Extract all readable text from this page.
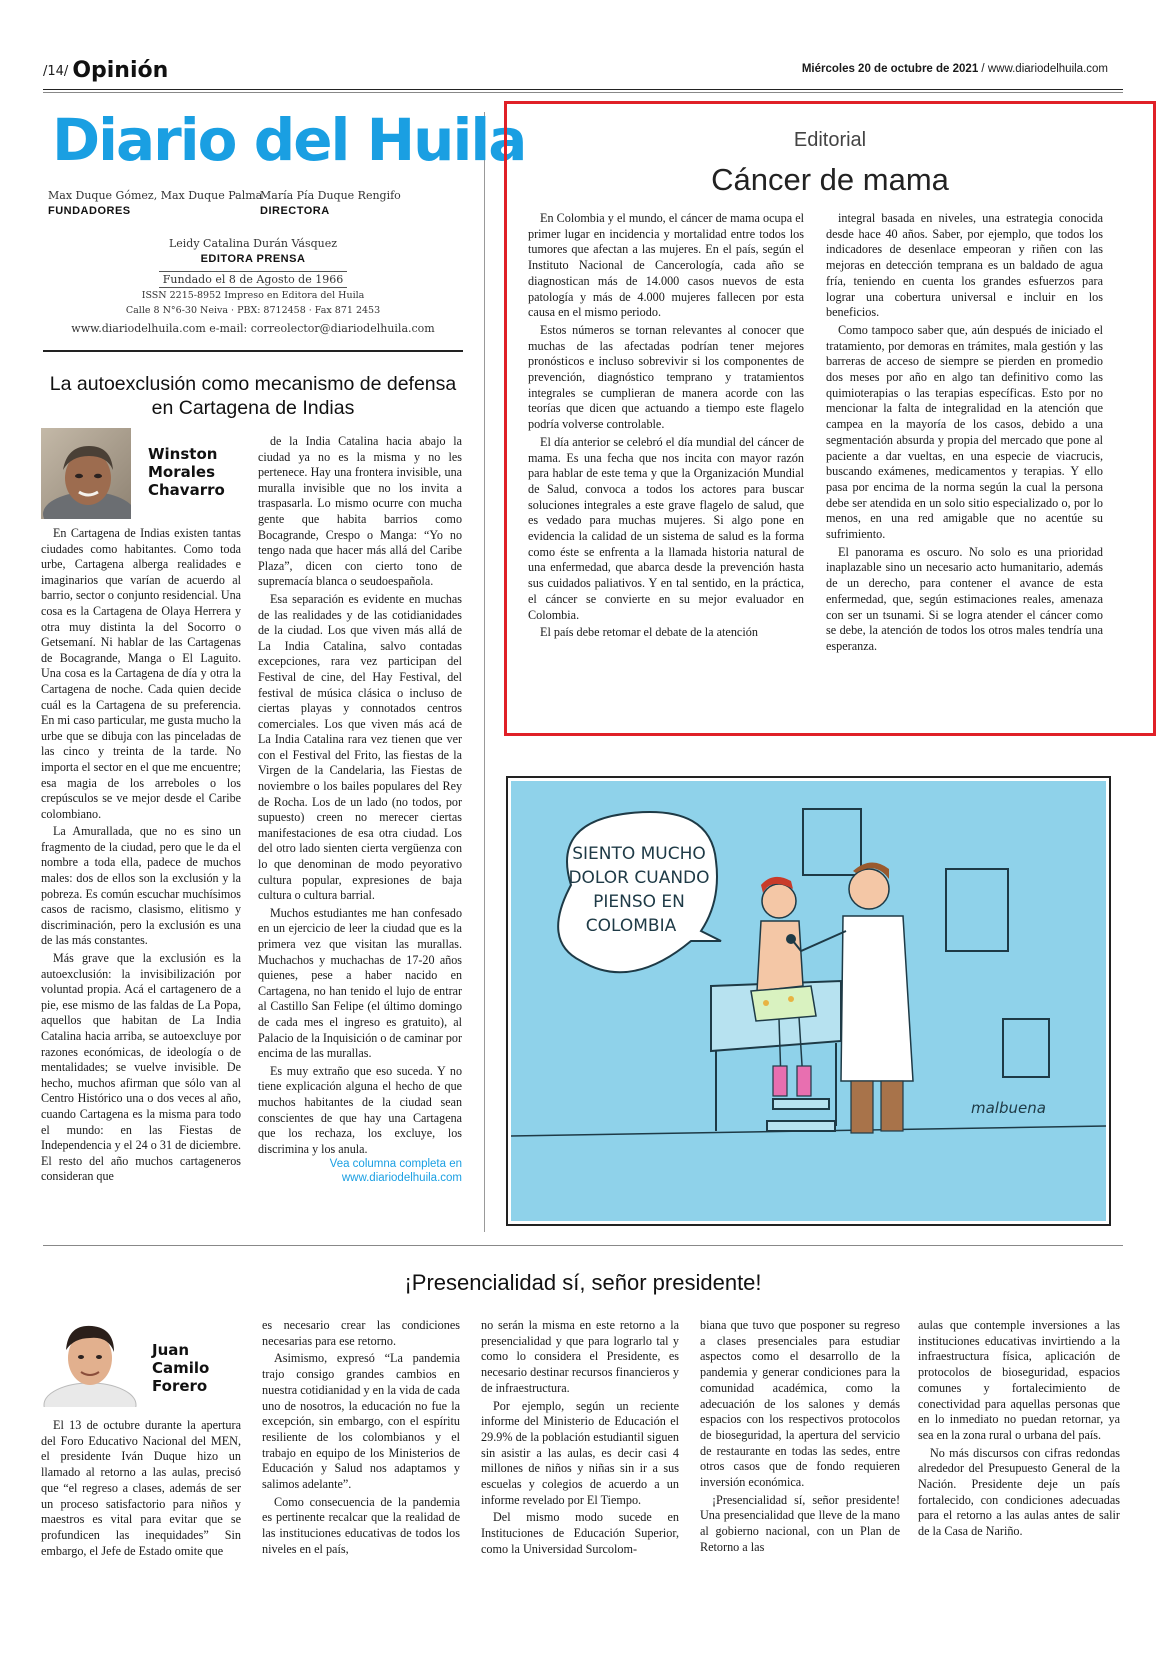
/14/ Opinión	Miércoles 20 de octubre de 2021 / www.diariodelhuila.com
Diario del Huila
Max Duque Gómez, Max Duque Palma
FUNDADORES
María Pía Duque Rengifo
DIRECTORA
Leidy Catalina Durán Vásquez
EDITORA PRENSA
Fundado el 8 de Agosto de 1966
ISSN 2215-8952 Impreso en Editora del Huila
Calle 8 N°6-30 Neiva · PBX: 8712458 · Fax 871 2453
www.diariodelhuila.com e-mail: correolector@diariodelhuila.com
La autoexclusión como mecanismo de defensa en Cartagena de Indias
Winston
Morales
Chavarro

En Cartagena de Indias existen tantas ciudades como habitantes. Como toda urbe, Cartagena alberga realidades e imaginarios que varían de acuerdo al barrio, sector o conjunto residencial. Una cosa es la Cartagena de Olaya Herrera y otra muy distinta la del Socorro o Getsemaní. Ni hablar de las Cartagenas de Bocagrande, Manga o El Laguito. Una cosa es la Cartagena de día y otra la Cartagena de noche. Cada quien decide cuál es la Cartagena de su preferencia. En mi caso particular, me gusta mucho la urbe que se dibuja con las pinceladas de las cinco y treinta de la tarde. No importa el sector en el que me encuentre; esa magia de los arreboles o los crepúsculos se ve mejor desde el Caribe colombiano.

La Amurallada, que no es sino un fragmento de la ciudad, pero que le da el nombre a toda ella, padece de muchos males: dos de ellos son la exclusión y la pobreza. Es común escuchar muchísimos casos de racismo, clasismo, elitismo y discriminación, pero la exclusión es una de las más constantes.

Más grave que la exclusión es la autoexclusión: la invisibilización por voluntad propia. Acá el cartagenero de a pie, ese mismo de las faldas de La Popa, aquellos que habitan de La India Catalina hacia arriba, se autoexcluye por razones económicas, de ideología o de mentalidades; se vuelve invisible. De hecho, muchos afirman que sólo van al Centro Histórico una o dos veces al año, cuando Cartagena es la misma para todo el mundo: en las Fiestas de Independencia y el 24 o 31 de diciembre. El resto del año muchos cartageneros consideran que

de la India Catalina hacia abajo la ciudad ya no es la misma y no les pertenece. Hay una frontera invisible, una muralla invisible que no los invita a traspasarla. Lo mismo ocurre con mucha gente que habita barrios como Bocagrande, Crespo o Manga: “Yo no tengo nada que hacer más allá del Caribe Plaza”, dicen con cierto tono de supremacía blanca o seudoespañola.

Esa separación es evidente en muchas de las realidades y de las cotidianidades de la ciudad. Los que viven más allá de La India Catalina, salvo contadas excepciones, rara vez participan del Festival de cine, del Hay Festival, del festival de música clásica o incluso de ciertas playas y connotados centros comerciales. Los que viven más acá de La India Catalina rara vez tienen que ver con el Festival del Frito, las fiestas de la Virgen de la Candelaria, las Fiestas de noviembre o los bailes populares del Rey de Rocha. Los de un lado (no todos, por supuesto) creen no merecer ciertas manifestaciones de esa otra ciudad. Los del otro lado sienten cierta vergüenza con lo que denominan de modo peyorativo cultura popular, expresiones de baja cultura o cultura barrial.

Muchos estudiantes me han confesado en un ejercicio de leer la ciudad que es la primera vez que visitan las murallas. Muchachos y muchachas de 17-20 años quienes, pese a haber nacido en Cartagena, no han tenido el lujo de entrar al Castillo San Felipe (el último domingo de cada mes el ingreso es gratuito), al Palacio de la Inquisición o de caminar por encima de las murallas.

Es muy extraño que eso suceda. Y no tiene explicación alguna el hecho de que muchos habitantes de la ciudad sean conscientes de que hay una Cartagena que los rechaza, los excluye, los discrimina y los anula.

Vea columna completa en
www.diariodelhuila.com
Editorial
Cáncer de mama

En Colombia y el mundo, el cáncer de mama ocupa el primer lugar en incidencia y mortalidad entre todos los tumores que afectan a las mujeres. En el país, según el Instituto Nacional de Cancerología, cada año se diagnostican más de 14.000 casos nuevos de esta patología y más de 4.000 mujeres fallecen por esta causa en el mismo periodo.

Estos números se tornan relevantes al conocer que muchas de las afectadas podrían tener mejores pronósticos e incluso sobrevivir si los componentes de prevención, diagnóstico temprano y tratamientos integrales se cumplieran de manera acorde con las teorías que dicen que actuando a tiempo este flagelo podría volverse controlable.

El día anterior se celebró el día mundial del cáncer de mama. Es una fecha que nos incita con mayor razón para hablar de este tema y que la Organización Mundial de Salud, convoca a todos los actores para buscar soluciones integrales a este grave flagelo de salud, que es vedado para muchas mujeres. Si algo pone en evidencia la calidad de un sistema de salud es la forma como éste se enfrenta a la llamada historia natural de una enfermedad, que abarca desde la prevención hasta sus cuidados paliativos. Y en tal sentido, en la práctica, el cáncer se convierte en su mejor evaluador en Colombia.

El país debe retomar el debate de la atención

integral basada en niveles, una estrategia conocida desde hace 40 años. Saber, por ejemplo, que todos los indicadores de desenlace empeoran y riñen con las mejoras en detección temprana es un baldado de agua fría, teniendo en cuenta los grandes esfuerzos para lograr una cobertura universal e incluir en los beneficios.

Como tampoco saber que, aún después de iniciado el tratamiento, por demoras en trámites, mala gestión y las barreras de acceso de siempre se pierden en promedio dos meses por año en algo tan definitivo como las quimioterapias o las terapias específicas. Esto por no mencionar la falta de integralidad en la atención que campea en la mayoría de los casos, debido a una segmentación absurda y propia del mercado que pone al paciente a dar vueltas, en una especie de viacrucis, buscando exámenes, medicamentos y terapias. Y ello pasa por encima de la norma según la cual la persona debe ser atendida en un solo sitio especializado o, por lo menos, en una red amigable que no acentúe su sufrimiento.

El panorama es oscuro. No solo es una prioridad inaplazable sino un necesario acto humanitario, además de un derecho, para contener el avance de esta enfermedad, que, según estimaciones reales, amenaza con ser un tsunami. Si se logra atender el cáncer como se debe, la atención de todos los otros males tendría una esperanza.

SIENTO MUCHO
DOLOR CUANDO
PIENSO EN
COLOMBIA
malbuena
¡Presencialidad sí, señor presidente!
Juan
Camilo
Forero

El 13 de octubre durante la apertura del Foro Educativo Nacional del MEN, el presidente Iván Duque hizo un llamado al retorno a las aulas, precisó que “el regreso a clases, además de ser un proceso satisfactorio para niños y maestros es vital para evitar que se profundicen las inequidades” Sin embargo, el Jefe de Estado omite que

es necesario crear las condiciones necesarias para ese retorno.

Asimismo, expresó “La pandemia trajo consigo grandes cambios en nuestra cotidianidad y en la vida de cada uno de nosotros, la educación no fue la excepción, sin embargo, con el espíritu resiliente de los colombianos y el trabajo en equipo de los Ministerios de Educación y Salud nos adaptamos y salimos adelante”.

Como consecuencia de la pandemia es pertinente recalcar que la realidad de las instituciones educativas de todos los niveles en el país,

no serán la misma en este retorno a la presencialidad y que para lograrlo tal y como lo considera el Presidente, es necesario destinar recursos financieros y de infraestructura.

Por ejemplo, según un reciente informe del Ministerio de Educación el 29.9% de la población estudiantil siguen sin asistir a las aulas, es decir casi 4 millones de niños y niñas sin ir a sus escuelas y colegios de acuerdo a un informe revelado por El Tiempo.

Del mismo modo sucede en Instituciones de Educación Superior, como la Universidad Surcolom-

biana que tuvo que posponer su regreso a clases presenciales para estudiar aspectos como el desarrollo de la pandemia y generar condiciones para la comunidad académica, como la adecuación de los salones y demás espacios con los respectivos protocolos de bioseguridad, la apertura del servicio de restaurante en todas las sedes, entre otros casos que de fondo requieren inversión económica.

¡Presencialidad sí, señor presidente! Una presencialidad que lleve de la mano al gobierno nacional, con un Plan de Retorno a las

aulas que contemple inversiones a las instituciones educativas invirtiendo a la infraestructura física, aplicación de protocolos de bioseguridad, espacios comunes y fortalecimiento de conectividad para aquellas personas que en lo inmediato no puedan retornar, ya sea en la zona rural o urbana del país.

No más discursos con cifras redondas alrededor del Presupuesto General de la Nación. Presidente deje un país fortalecido, con condiciones adecuadas para el retorno a las aulas antes de salir de la Casa de Nariño.
